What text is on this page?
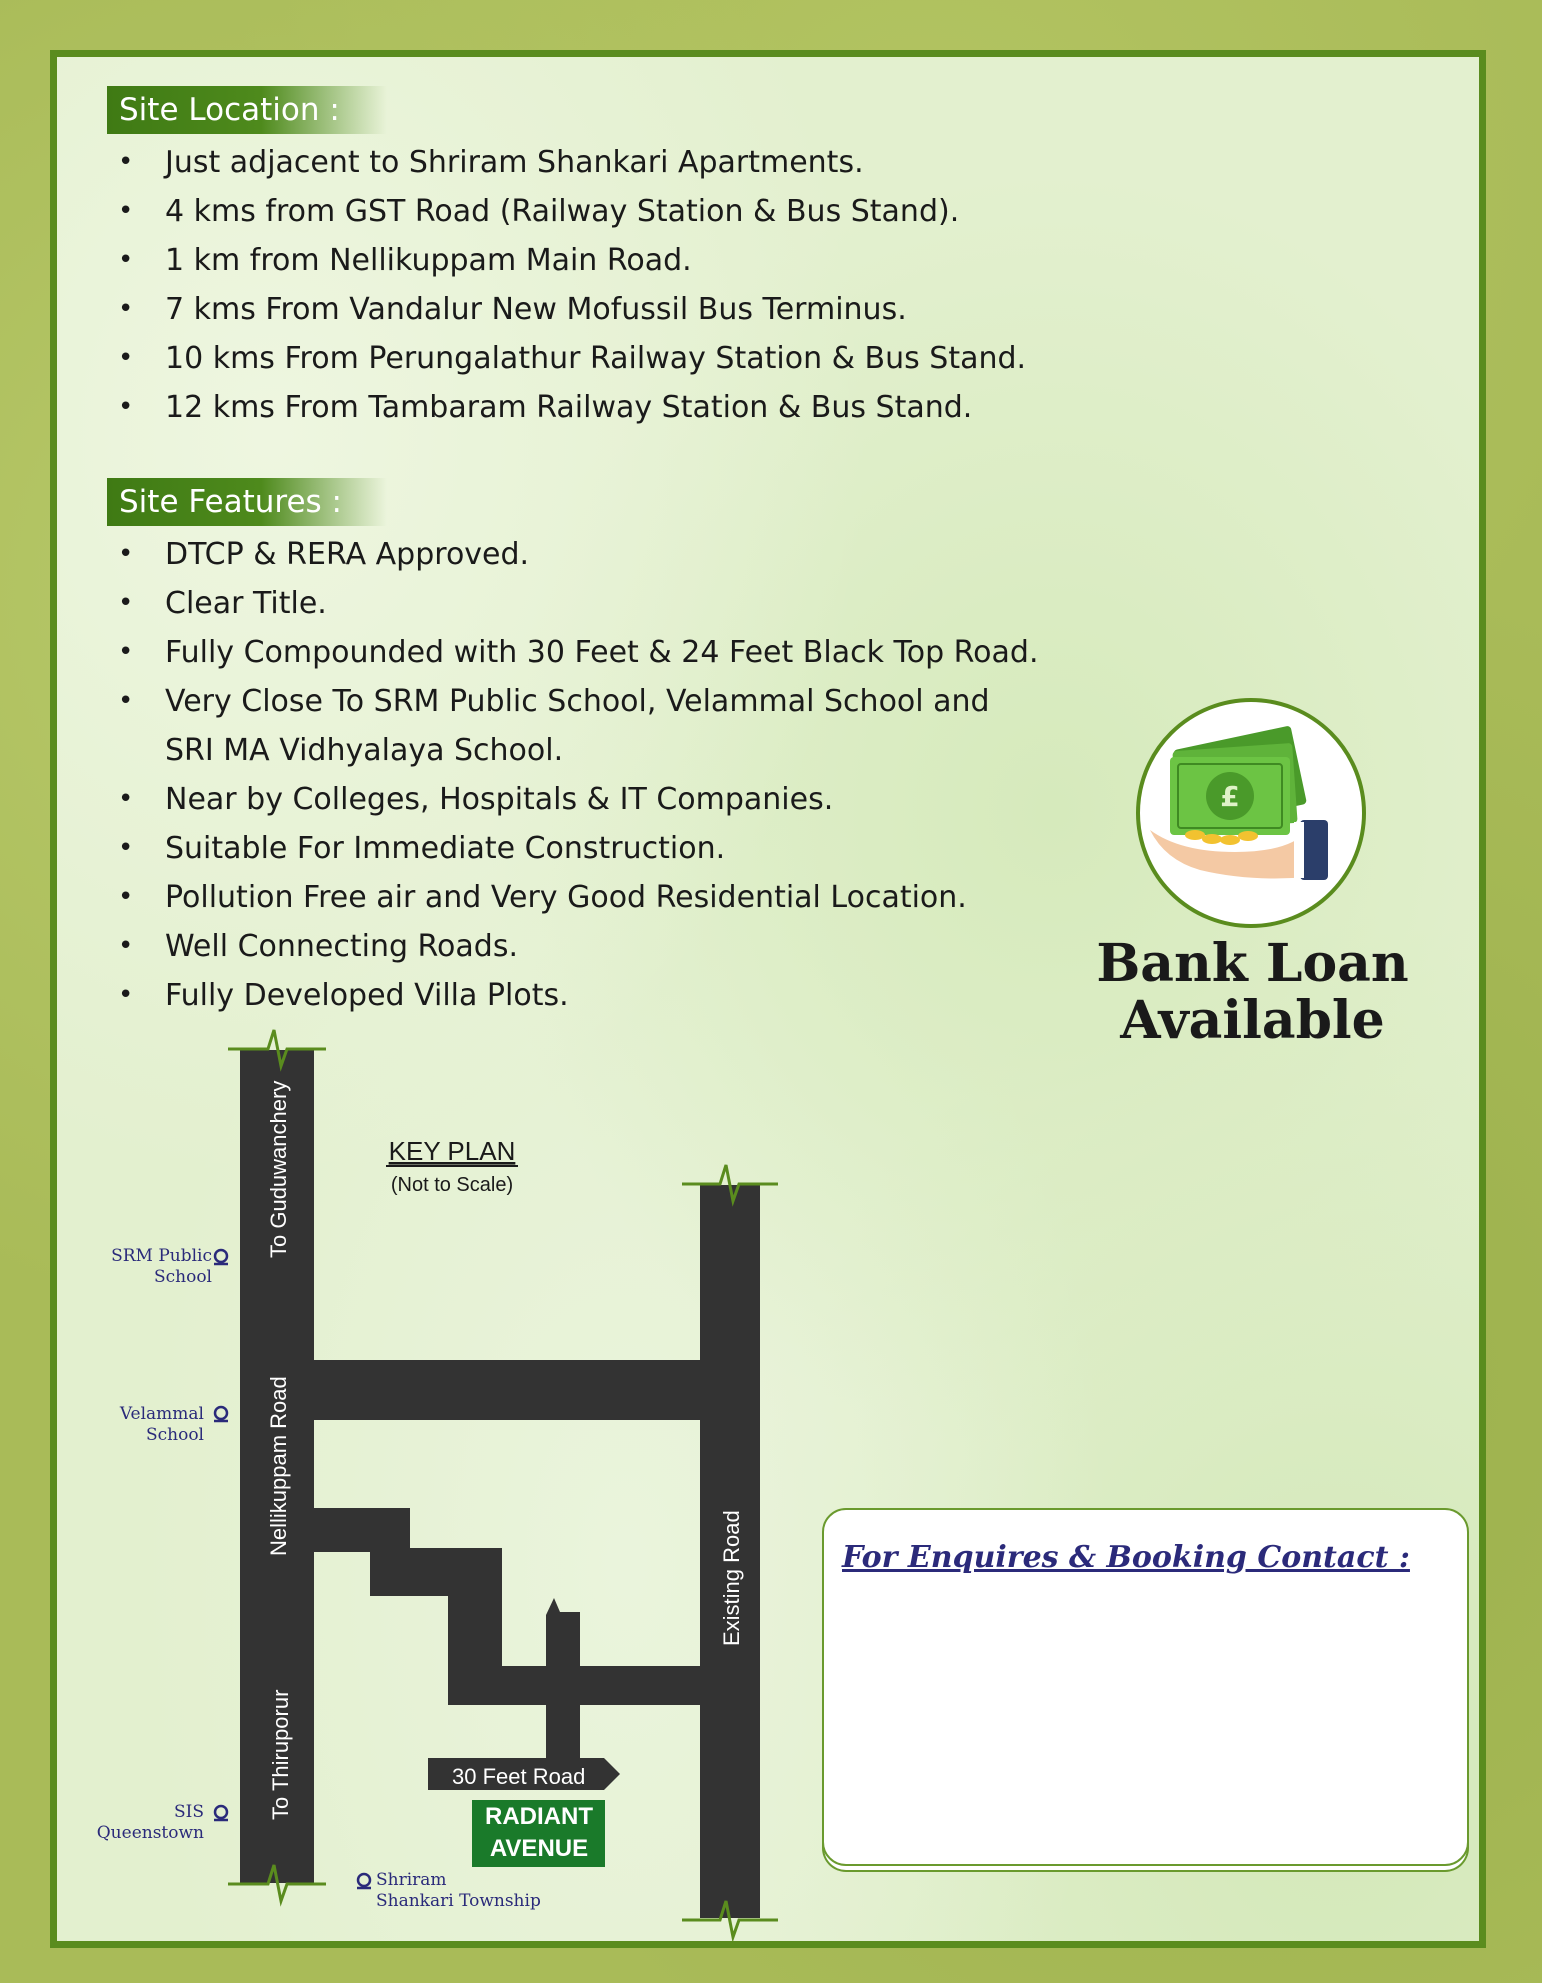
Site Location :
• Just adjacent to Shriram Shankari Apartments.
• 4 kms from GST Road (Railway Station & Bus Stand).
• 1 km from Nellikuppam Main Road.
• 7 kms From Vandalur New Mofussil Bus Terminus.
• 10 kms From Perungalathur Railway Station & Bus Stand.
• 12 kms From Tambaram Railway Station & Bus Stand.
Site Features :
• DTCP & RERA Approved.
• Clear Title.
• Fully Compounded with 30 Feet & 24 Feet Black Top Road.
• Very Close To SRM Public School, Velammal School and SRI MA Vidhyalaya School.
• Near by Colleges, Hospitals & IT Companies.
• Suitable For Immediate Construction.
• Pollution Free air and Very Good Residential Location.
• Well Connecting Roads.
• Fully Developed Villa Plots.
£
Bank Loan
Available
To Guduwanchery
Nellikuppam Road
To Thiruporur
Existing Road
30 Feet Road
RADIANT
AVENUE
KEY PLAN
(Not to Scale)
SRM Public
School
Velammal
School
SIS
Queenstown
Shriram
Shankari Township
For Enquires & Booking Contact :
